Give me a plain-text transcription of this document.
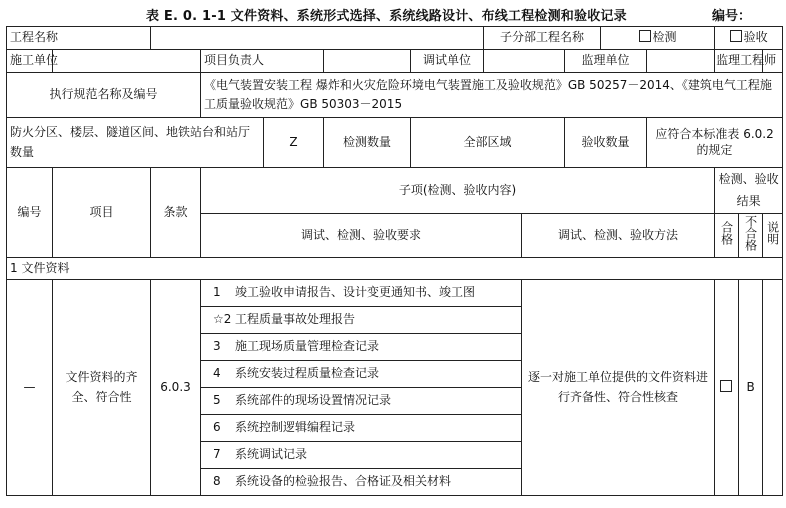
表 E. 0. 1-1 文件资料、系统形式选择、系统线路设计、布线工程检测和验收记录	编号：
工程名称							子分部工程名称			检测		验收		
施工单位			项目负责人			调试单位			监理单位			监理工程师		
执行规范名称及编号			《电气装置安装工程 爆炸和火灾危险环境电气装置施工及验收规范》GB 50257－2014、《建筑电气工程施工质量验收规范》GB 50303－2015											
防火分区、楼层、隧道区间、地铁站台和站厅数量				Z	检测数量	全部区域			验收数量		应符合本标准表 6.0.2 的规定			
编号	项目	条款	子项(检测、验收内容)									检测、验收结果		
			调试、检测、验收要求					调试、检测、验收方法				合格	不合格	说明
1 文件资料														
—	文件资料的齐全、符合性	6.0.3	1 竣工验收申请报告、设计变更通知书、竣工图					逐一对施工单位提供的文件资料进行齐备性、符合性核查					B	
			☆2 工程质量事故处理报告											
			3 施工现场质量管理检查记录											
			4 系统安装过程质量检查记录											
			5 系统部件的现场设置情况记录											
			6 系统控制逻辑编程记录											
			7 系统调试记录											
			8 系统设备的检验报告、合格证及相关材料											
